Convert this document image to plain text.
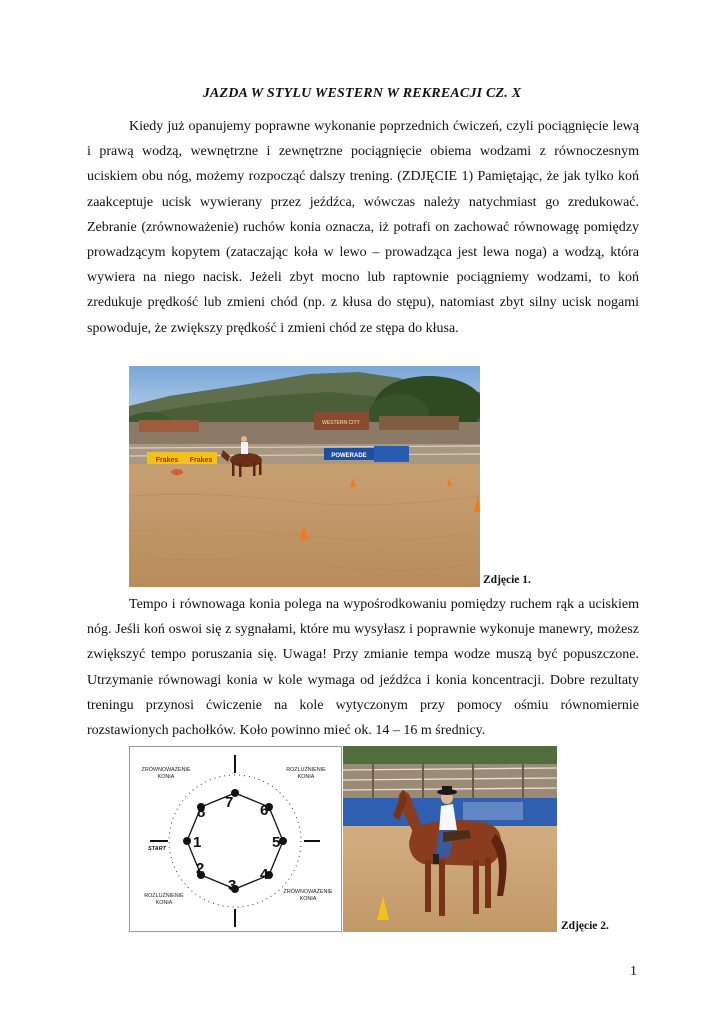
JAZDA W STYLU WESTERN W REKREACJI CZ. X

Kiedy już opanujemy poprawne wykonanie poprzednich ćwiczeń, czyli pociągnięcie lewą i prawą wodzą, wewnętrzne i zewnętrzne pociągnięcie obiema wodzami z równoczesnym uciskiem obu nóg, możemy rozpocząć dalszy trening. (ZDJĘCIE 1) Pamiętając, że jak tylko koń zaakceptuje ucisk wywierany przez jeźdźca, wówczas należy natychmiast go zredukować. Zebranie (zrównoważenie) ruchów konia oznacza, iż potrafi on zachować równowagę pomiędzy prowadzącym kopytem (zataczając koła w lewo – prowadząca jest lewa noga) a wodzą, która wywiera na niego nacisk. Jeżeli zbyt mocno lub raptownie pociągniemy wodzami, to koń zredukuje prędkość lub zmieni chód (np. z kłusa do stępu), natomiast zbyt silny ucisk nogami spowoduje, że zwiększy prędkość i zmieni chód ze stępa do kłusa.

WESTERN CITY
Frakes Frakes
POWERADE
Zdjęcie 1.

Tempo i równowaga konia polega na wypośrodkowaniu pomiędzy ruchem rąk a uciskiem nóg. Jeśli koń oswoi się z sygnałami, które mu wysyłasz i poprawnie wykonuje manewry, możesz zwiększyć tempo poruszania się. Uwaga! Przy zmianie tempa wodze muszą być popuszczone. Utrzymanie równowagi konia w kole wymaga od jeźdźca i konia koncentracji. Dobre rezultaty treningu przynosi ćwiczenie na kole wytyczonym przy pomocy ośmiu równomiernie rozstawionych pachołków. Koło powinno mieć ok. 14 – 16 m średnicy.

7 6
5
4
3
2
1
8
ZRÓWNOWAŻENIE
KONIA
ROZLUŹNIENIE
KONIA
ROZLUŹNIENIE
KONIA
ZRÓWNOWAŻENIE
KONIA
START
Zdjęcie 2.
1
